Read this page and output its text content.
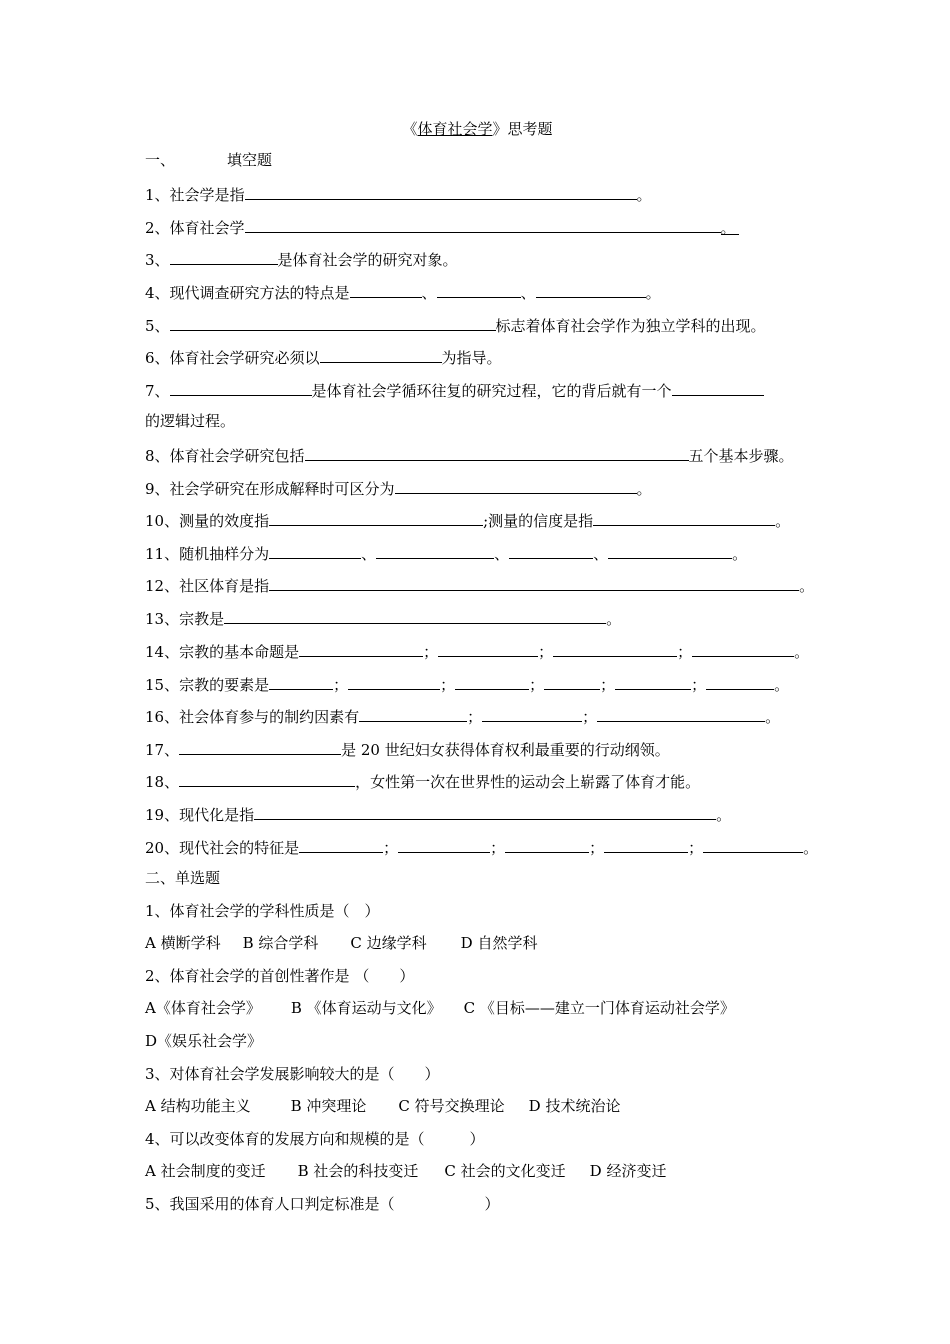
《体育社会学》思考题
一、	填空题
1、社会学是指	。
2、体育社会学	。
3、	是体育社会学的研究对象。
4、现代调查研究方法的特点是	、	、	。
5、	标志着体育社会学作为独立学科的出现。
6、体育社会学研究必须以	为指导。
7、	是体育社会学循环往复的研究过程，它的背后就有一个
的逻辑过程。
8、体育社会学研究包括	五个基本步骤。
9、社会学研究在形成解释时可区分为	。
10、测量的效度指	;测量的信度是指	。
11、随机抽样分为	、	、	、	。
12、社区体育是指	。
13、宗教是	。
14、宗教的基本命题是	；	；	；	。
15、宗教的要素是	；	；	；	；	；	。
16、社会体育参与的制约因素有	；	；	。
17、	是 20 世纪妇女获得体育权利最重要的行动纲领。
18、	，女性第一次在世界性的运动会上崭露了体育才能。
19、现代化是指	。
20、现代社会的特征是	；	；	；	；	。
二、单选题
1、体育社会学的学科性质是（　）
A 横断学科 B 综合学科 C 边缘学科 D 自然学科
2、体育社会学的首创性著作是 （　　）
A《体育社会学》 B 《体育运动与文化》 C 《目标——建立一门体育运动社会学》
D《娱乐社会学》
3、对体育社会学发展影响较大的是（　　）
A 结构功能主义	B 冲突理论 C 符号交换理论 D 技术统治论
4、可以改变体育的发展方向和规模的是（　　　）
A 社会制度的变迁 B 社会的科技变迁 C 社会的文化变迁 D 经济变迁
5、我国采用的体育人口判定标准是（　　　　　　）
